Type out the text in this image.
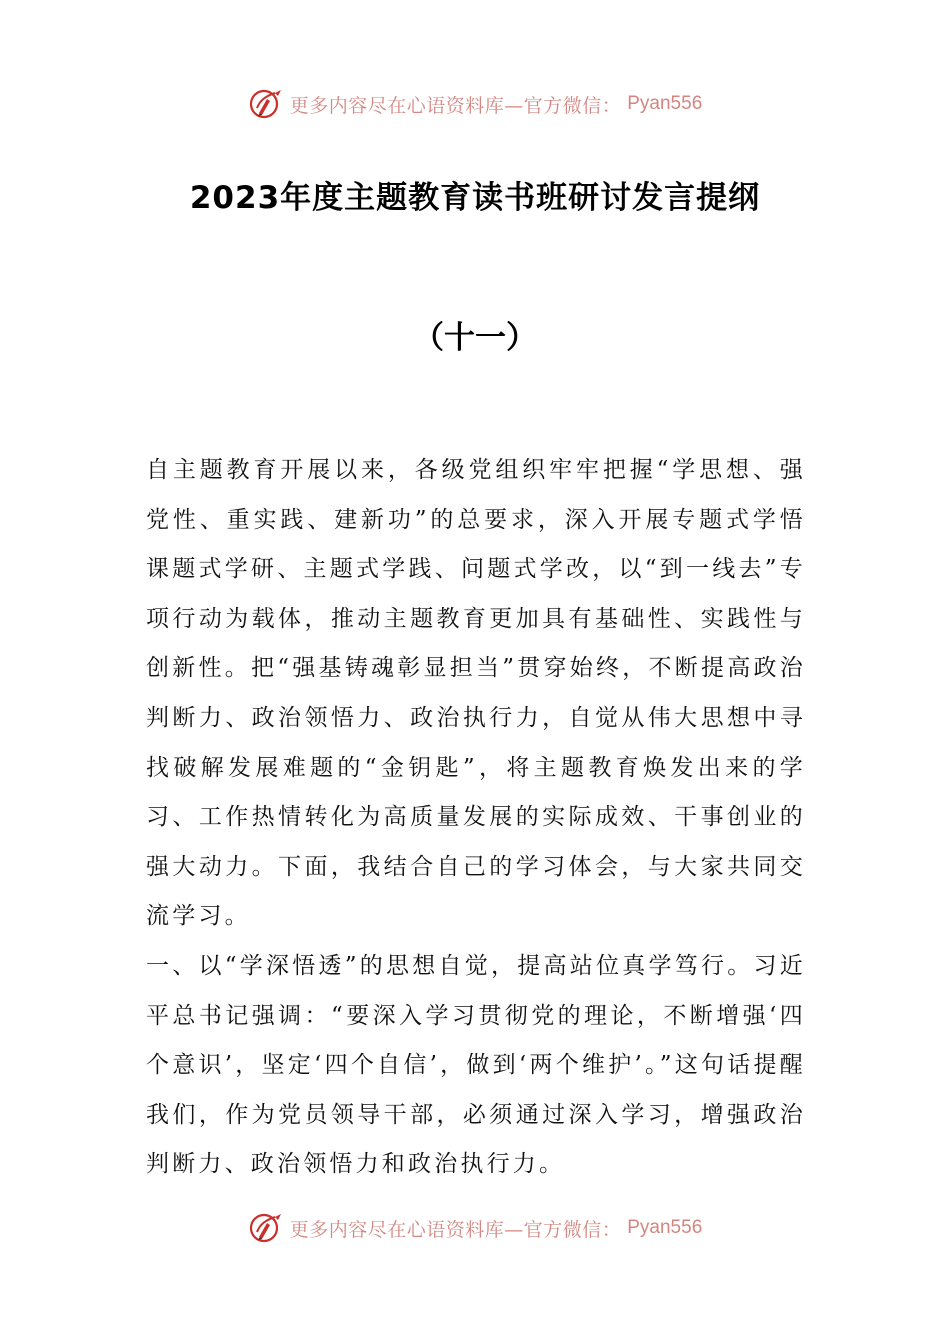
更多内容尽在心语资料库—官方微信： Pyan556
2023年度主题教育读书班研讨发言提纲
（十一）

自主题教育开展以来，各级党组织牢牢把握“学思想、强党性、重实践、建新功”的总要求，深入开展专题式学悟课题式学研、主题式学践、问题式学改，以“到一线去”专项行动为载体，推动主题教育更加具有基础性、实践性与创新性。把“强基铸魂彰显担当”贯穿始终，不断提高政治判断力、政治领悟力、政治执行力，自觉从伟大思想中寻找破解发展难题的“金钥匙”，将主题教育焕发出来的学习、工作热情转化为高质量发展的实际成效、干事创业的强大动力。下面，我结合自己的学习体会，与大家共同交流学习。

一、以“学深悟透”的思想自觉，提高站位真学笃行。习近平总书记强调：“要深入学习贯彻党的理论，不断增强‘四个意识’，坚定‘四个自信’，做到‘两个维护’。”这句话提醒我们，作为党员领导干部，必须通过深入学习，增强政治判断力、政治领悟力和政治执行力。

更多内容尽在心语资料库—官方微信： Pyan556
